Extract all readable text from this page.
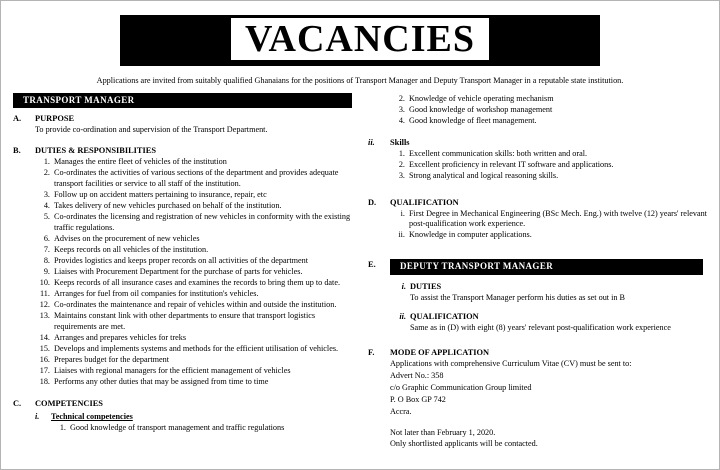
VACANCIES
Applications are invited from suitably qualified Ghanaians for the positions of Transport Manager and Deputy Transport Manager in a reputable state institution.
TRANSPORT MANAGER
A.	PURPOSE
To provide co-ordination and supervision of the Transport Department.
B.	DUTIES & RESPONSIBILITIES
1. Manages the entire fleet of vehicles of the institution
2. Co-ordinates the activities of various sections of the department and provides adequate transport facilities or service to all staff of the institution.
3. Follow up on accident matters pertaining to insurance, repair, etc
4. Takes delivery of new vehicles purchased on behalf of the institution.
5. Co-ordinates the licensing and registration of new vehicles in conformity with the existing traffic regulations.
6. Advises on the procurement of new vehicles
7. Keeps records on all vehicles of the institution.
8. Provides logistics and keeps proper records on all activities of the department
9. Liaises with Procurement Department for the purchase of parts for vehicles.
10. Keeps records of all insurance cases and examines the records to bring them up to date.
11. Arranges for fuel from oil companies for institution's vehicles.
12. Co-ordinates the maintenance and repair of vehicles within and outside the institution.
13. Maintains constant link with other departments to ensure that transport logistics requirements are met.
14. Arranges and prepares vehicles for treks
15. Develops and implements systems and methods for the efficient utilisation of vehicles.
16. Prepares budget for the department
17. Liaises with regional managers for the efficient management of vehicles
18. Performs any other duties that may be assigned from time to time
C.	COMPETENCIES
i.	Technical competencies
1. Good knowledge of transport management and traffic regulations
2. Knowledge of vehicle operating mechanism
3. Good knowledge of workshop management
4. Good knowledge of fleet management.
ii.	Skills
1. Excellent communication skills: both written and oral.
2. Excellent proficiency in relevant IT software and applications.
3. Strong analytical and logical reasoning skills.
D.	QUALIFICATION
i. First Degree in Mechanical Engineering (BSc Mech. Eng.) with twelve (12) years' relevant post-qualification work experience.
ii. Knowledge in computer applications.
E.	DEPUTY TRANSPORT MANAGER
i. DUTIES
To assist the Transport Manager perform his duties as set out in B
ii. QUALIFICATION
Same as in (D) with eight (8) years' relevant post-qualification work experience
F.	MODE OF APPLICATION
Applications with comprehensive Curriculum Vitae (CV) must be sent to:
Advert No.: 358
c/o Graphic Communication Group limited
P. O Box GP 742
Accra.
Not later than February 1, 2020.
Only shortlisted applicants will be contacted.
